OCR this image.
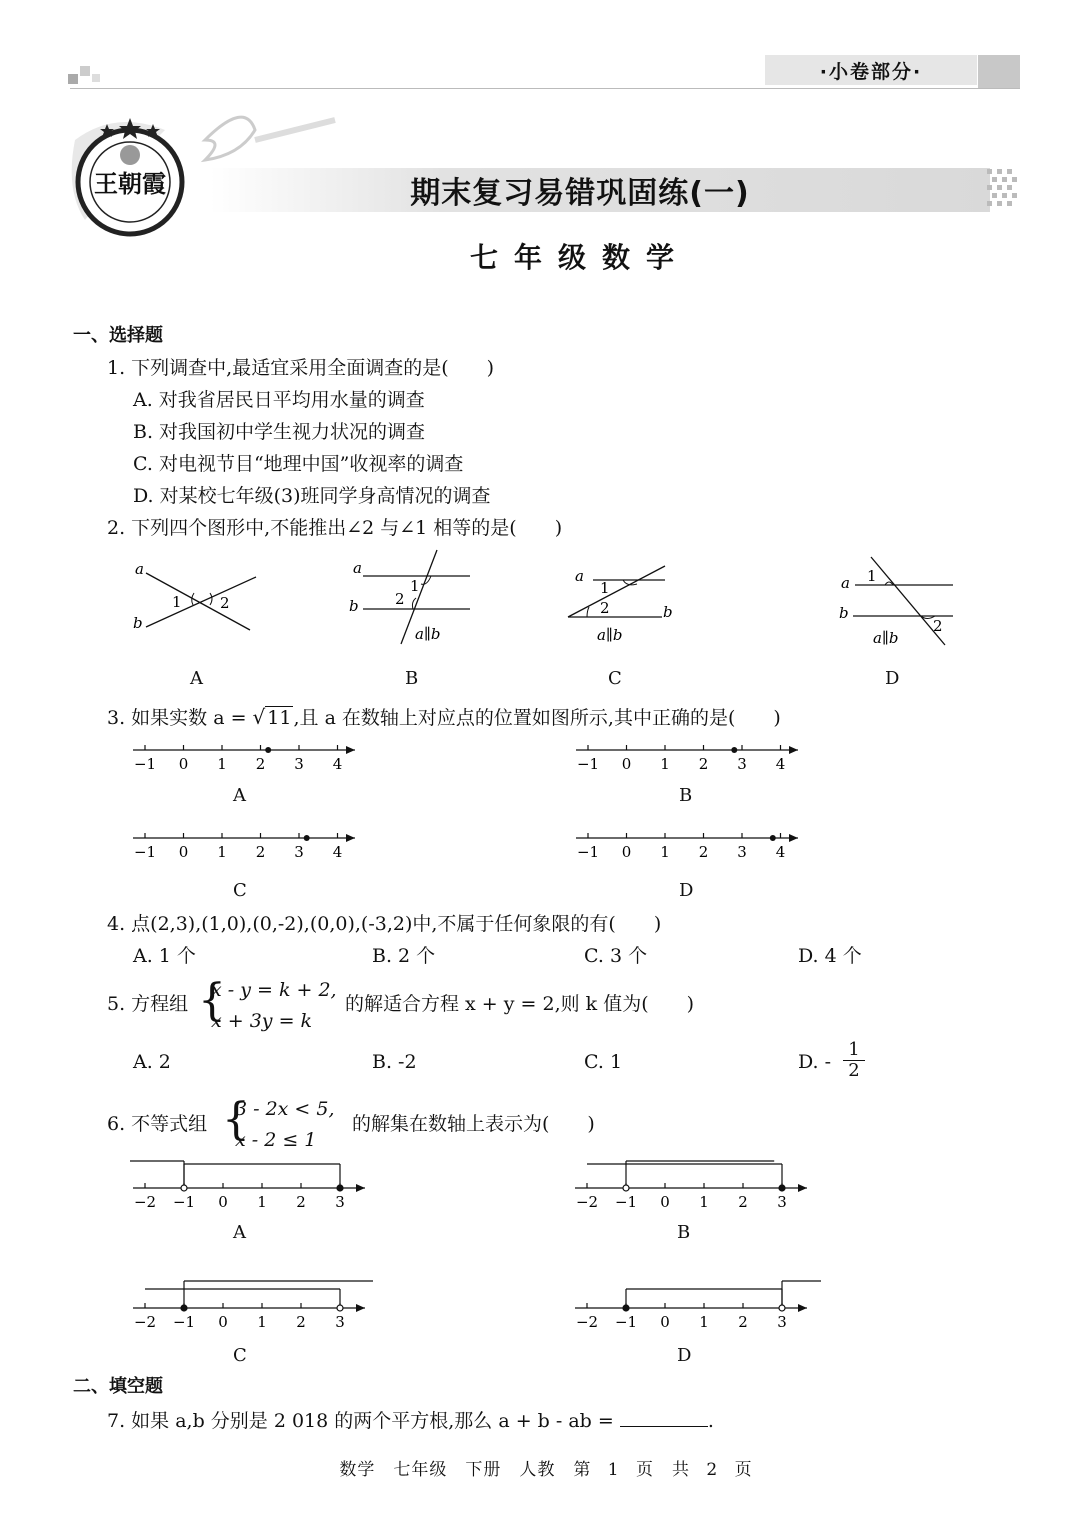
·小卷部分·
王朝霞	期末复习易错巩固练(一)
七年级数学
一、选择题
1. 下列调查中,最适宜采用全面调查的是(　　)
A. 对我省居民日平均用水量的调查
B. 对我国初中学生视力状况的调查
C. 对电视节目“地理中国”收视率的调查
D. 对某校七年级(3)班同学身高情况的调查
2. 下列四个图形中,不能推出∠2 与∠1 相等的是(　　)
a
b
1	2
A
a
b
1
2
a∥b
B
a
b
1
2
a∥b
C
a
b
1
2
a∥b
D
3. 如果实数 a = √ 11 ,且 a 在数轴上对应点的位置如图所示,其中正确的是(　　)
−1 0 1 2 3 4
A
−1 0 1 2 3 4
B
−1 0 1 2 3 4
C
−1 0 1 2 3 4
D
4. 点(2,3),(1,0),(0,-2),(0,0),(-3,2)中,不属于任何象限的有(　　)
A. 1 个	B. 2 个	C. 3 个	D. 4 个
5. 方程组 {
x - y = k + 2,
x + 3y = k
的解适合方程 x + y = 2,则 k 值为(　　)
A. 2	B. -2	C. 1	D. - $\frac{1}{2}$
6. 不等式组 {
3 - 2x < 5,
x - 2 ≤ 1
的解集在数轴上表示为(　　)
−2 −1 0 1 2 3
A
−2 −1 0 1 2 3
B
−2 −1 0 1 2 3
C
−2 −1 0 1 2 3
D
二、填空题
7. 如果 a,b 分别是 2 018 的两个平方根,那么 a + b - ab =	.
数学　七年级　下册　人教　第 1 页　共 2 页
